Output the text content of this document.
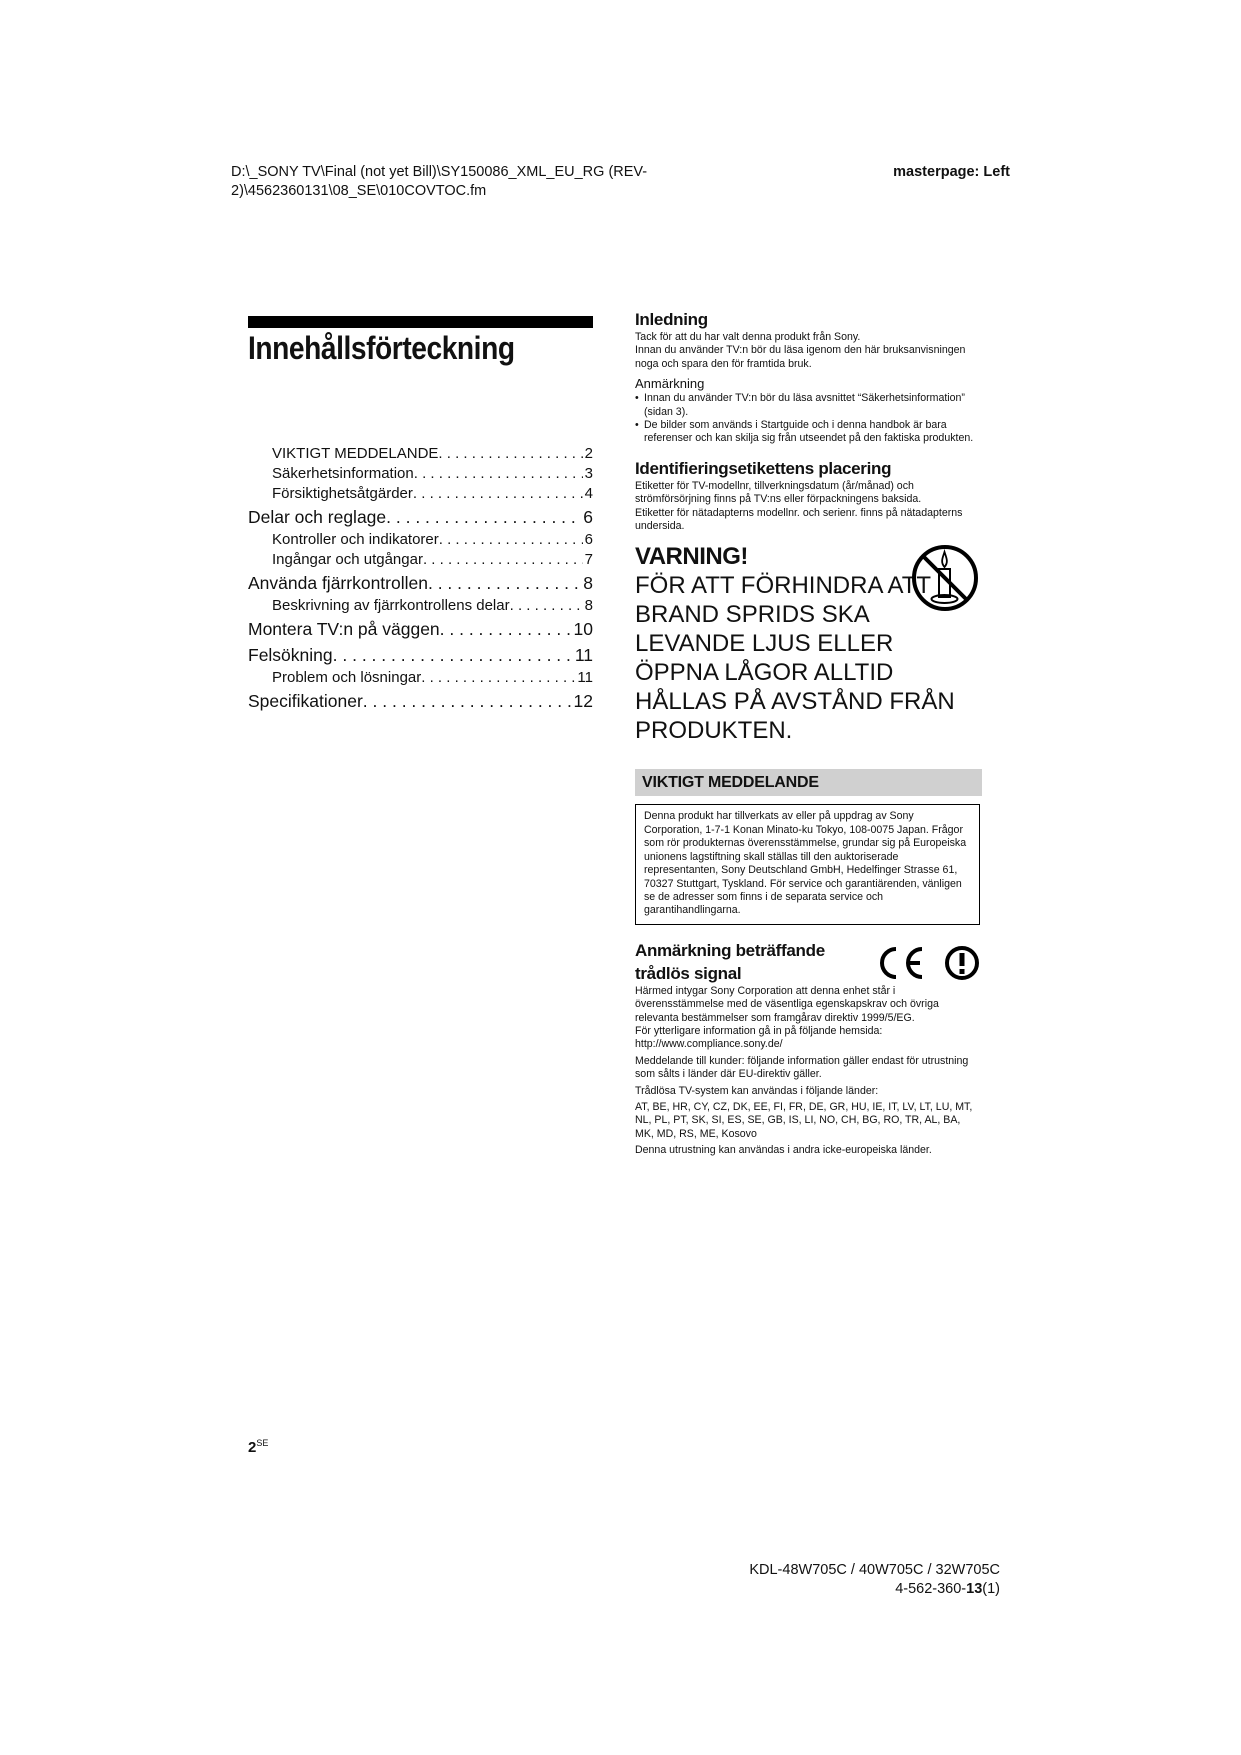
D:\_SONY TV\Final (not yet Bill)\SY150086_XML_EU_RG (REV-2)\4562360131\08_SE\010COVTOC.fm
masterpage: Left
Innehållsförteckning
VIKTIGT MEDDELANDE . . .	2
Säkerhetsinformation . . .	3
Försiktighetsåtgärder . . .	4
Delar och reglage . . .	6
Kontroller och indikatorer . . .	6
Ingångar och utgångar . . .	7
Använda fjärrkontrollen . . .	8
Beskrivning av fjärrkontrollens delar . . .	8
Montera TV:n på väggen . . .	10
Felsökning . . .	11
Problem och lösningar . . .	11
Specifikationer . . .	12
Inledning

Tack för att du har valt denna produkt från Sony.

Innan du använder TV:n bör du läsa igenom den här bruksanvisningen noga och spara den för framtida bruk.

Anmärkning
• Innan du använder TV:n bör du läsa avsnittet “Säkerhetsinformation” (sidan 3).
• De bilder som används i Startguide och i denna handbok är bara referenser och kan skilja sig från utseendet på den faktiska produkten.
Identifieringsetikettens placering

Etiketter för TV-modellnr, tillverkningsdatum (år/månad) och strömförsörjning finns på TV:ns eller förpackningens baksida.

Etiketter för nätadapterns modellnr. och serienr. finns på nätadapterns undersida.

VARNING!
FÖR ATT FÖRHINDRA ATT BRAND SPRIDS SKA LEVANDE LJUS ELLER ÖPPNA LÅGOR ALLTID HÅLLAS PÅ AVSTÅND FRÅN PRODUKTEN.
VIKTIGT MEDDELANDE
Denna produkt har tillverkats av eller på uppdrag av Sony Corporation, 1-7-1 Konan Minato-ku Tokyo, 108-0075 Japan. Frågor som rör produkternas överensstämmelse, grundar sig på Europeiska unionens lagstiftning skall ställas till den auktoriserade representanten, Sony Deutschland GmbH, Hedelfinger Strasse 61, 70327 Stuttgart, Tyskland. För service och garantiärenden, vänligen se de adresser som finns i de separata service och garantihandlingarna.
Anmärkning beträffande trådlös signal

Härmed intygar Sony Corporation att denna enhet står i överensstämmelse med de väsentliga egenskapskrav och övriga relevanta bestämmelser som framgårav direktiv 1999/5/EG.

För ytterligare information gå in på följande hemsida:

http://www.compliance.sony.de/

Meddelande till kunder: följande information gäller endast för utrustning som sålts i länder där EU-direktiv gäller.

Trådlösa TV-system kan användas i följande länder:

AT, BE, HR, CY, CZ, DK, EE, FI, FR, DE, GR, HU, IE, IT, LV, LT, LU, MT, NL, PL, PT, SK, SI, ES, SE, GB, IS, LI, NO, CH, BG, RO, TR, AL, BA, MK, MD, RS, ME, Kosovo

Denna utrustning kan användas i andra icke-europeiska länder.

$2^{SE}$
KDL-48W705C / 40W705C / 32W705C
4-562-360-13(1)
